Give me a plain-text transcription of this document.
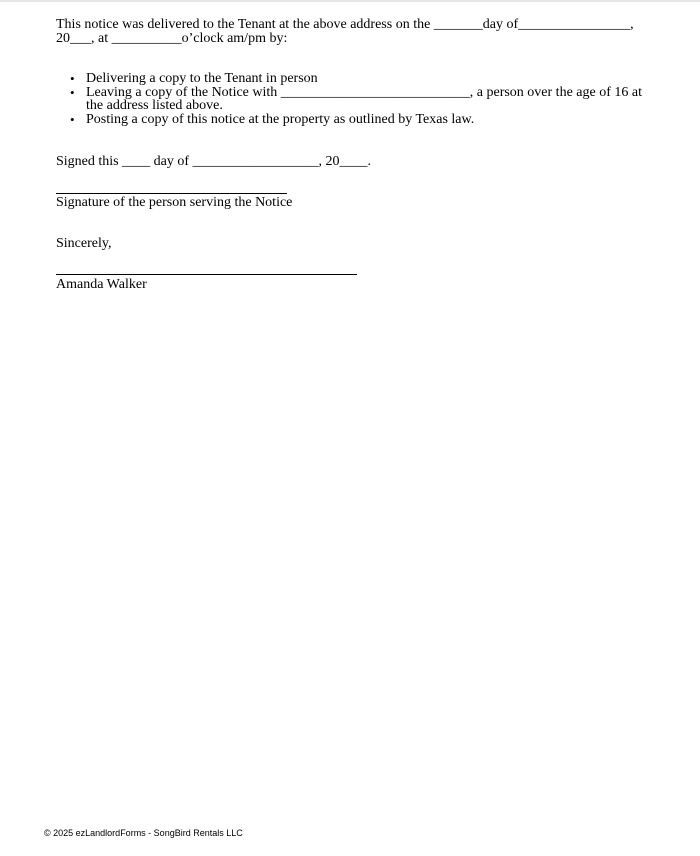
This notice was delivered to the Tenant at the above address on the _______day of________________,
20___, at __________o’clock am/pm by:
• Delivering a copy to the Tenant in person
• Leaving a copy of the Notice with ___________________________, a person over the age of 16 at
the address listed above.
• Posting a copy of this notice at the property as outlined by Texas law.
Signed this ____ day of __________________, 20____.
Signature of the person serving the Notice
Sincerely,
Amanda Walker
© 2025 ezLandlordForms - SongBird Rentals LLC
